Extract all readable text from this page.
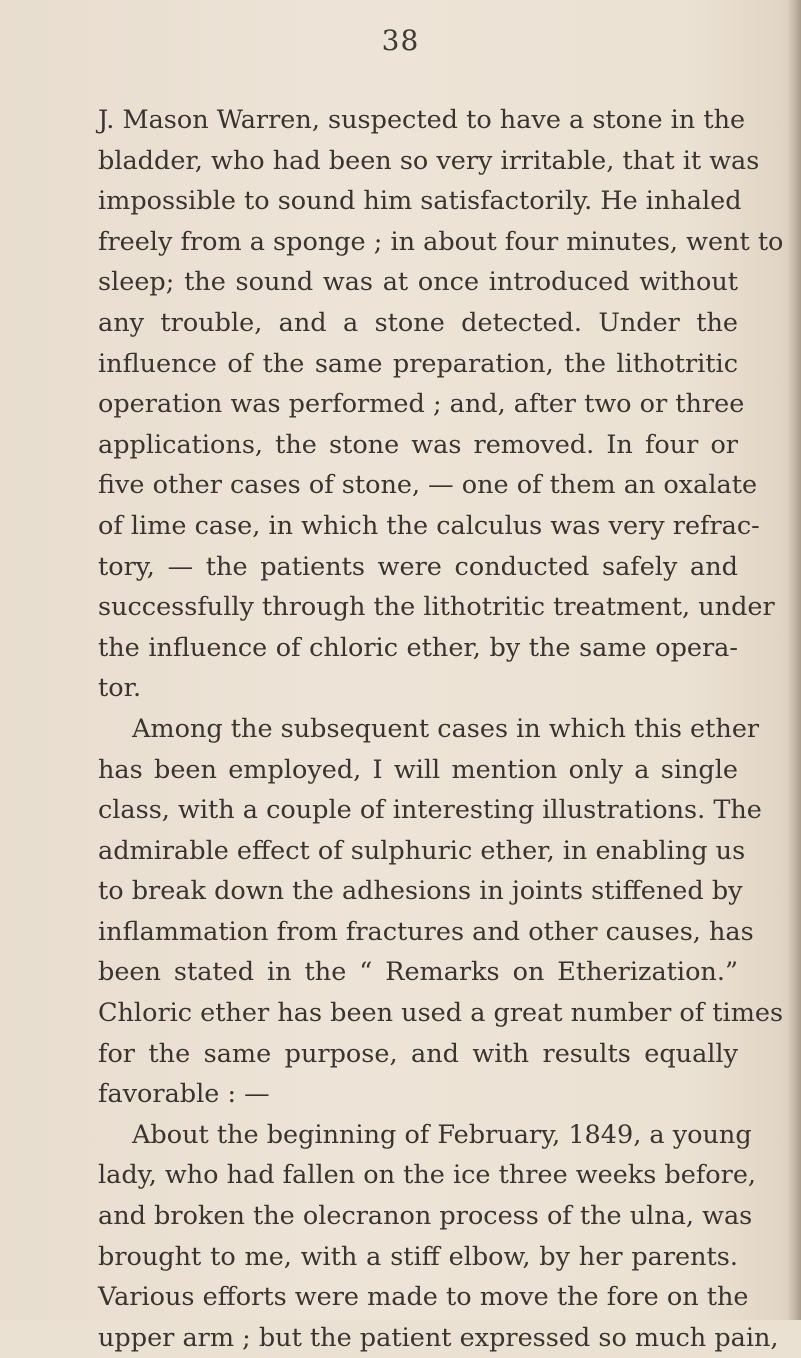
38
J. Mason Warren, suspected to have a stone in the
bladder, who had been so very irritable, that it was
impossible to sound him satisfactorily. He inhaled
freely from a sponge ; in about four minutes, went to
sleep; the sound was at once introduced without
any trouble, and a stone detected. Under the
influence of the same preparation, the lithotritic
operation was performed ; and, after two or three
applications, the stone was removed. In four or
five other cases of stone, — one of them an oxalate
of lime case, in which the calculus was very refrac-
tory, — the patients were conducted safely and
successfully through the lithotritic treatment, under
the influence of chloric ether, by the same opera-
tor.
Among the subsequent cases in which this ether
has been employed, I will mention only a single
class, with a couple of interesting illustrations. The
admirable effect of sulphuric ether, in enabling us
to break down the adhesions in joints stiffened by
inflammation from fractures and other causes, has
been stated in the “ Remarks on Etherization.”
Chloric ether has been used a great number of times
for the same purpose, and with results equally
favorable : —
About the beginning of February, 1849, a young
lady, who had fallen on the ice three weeks before,
and broken the olecranon process of the ulna, was
brought to me, with a stiff elbow, by her parents.
Various efforts were made to move the fore on the
upper arm ; but the patient expressed so much pain,
